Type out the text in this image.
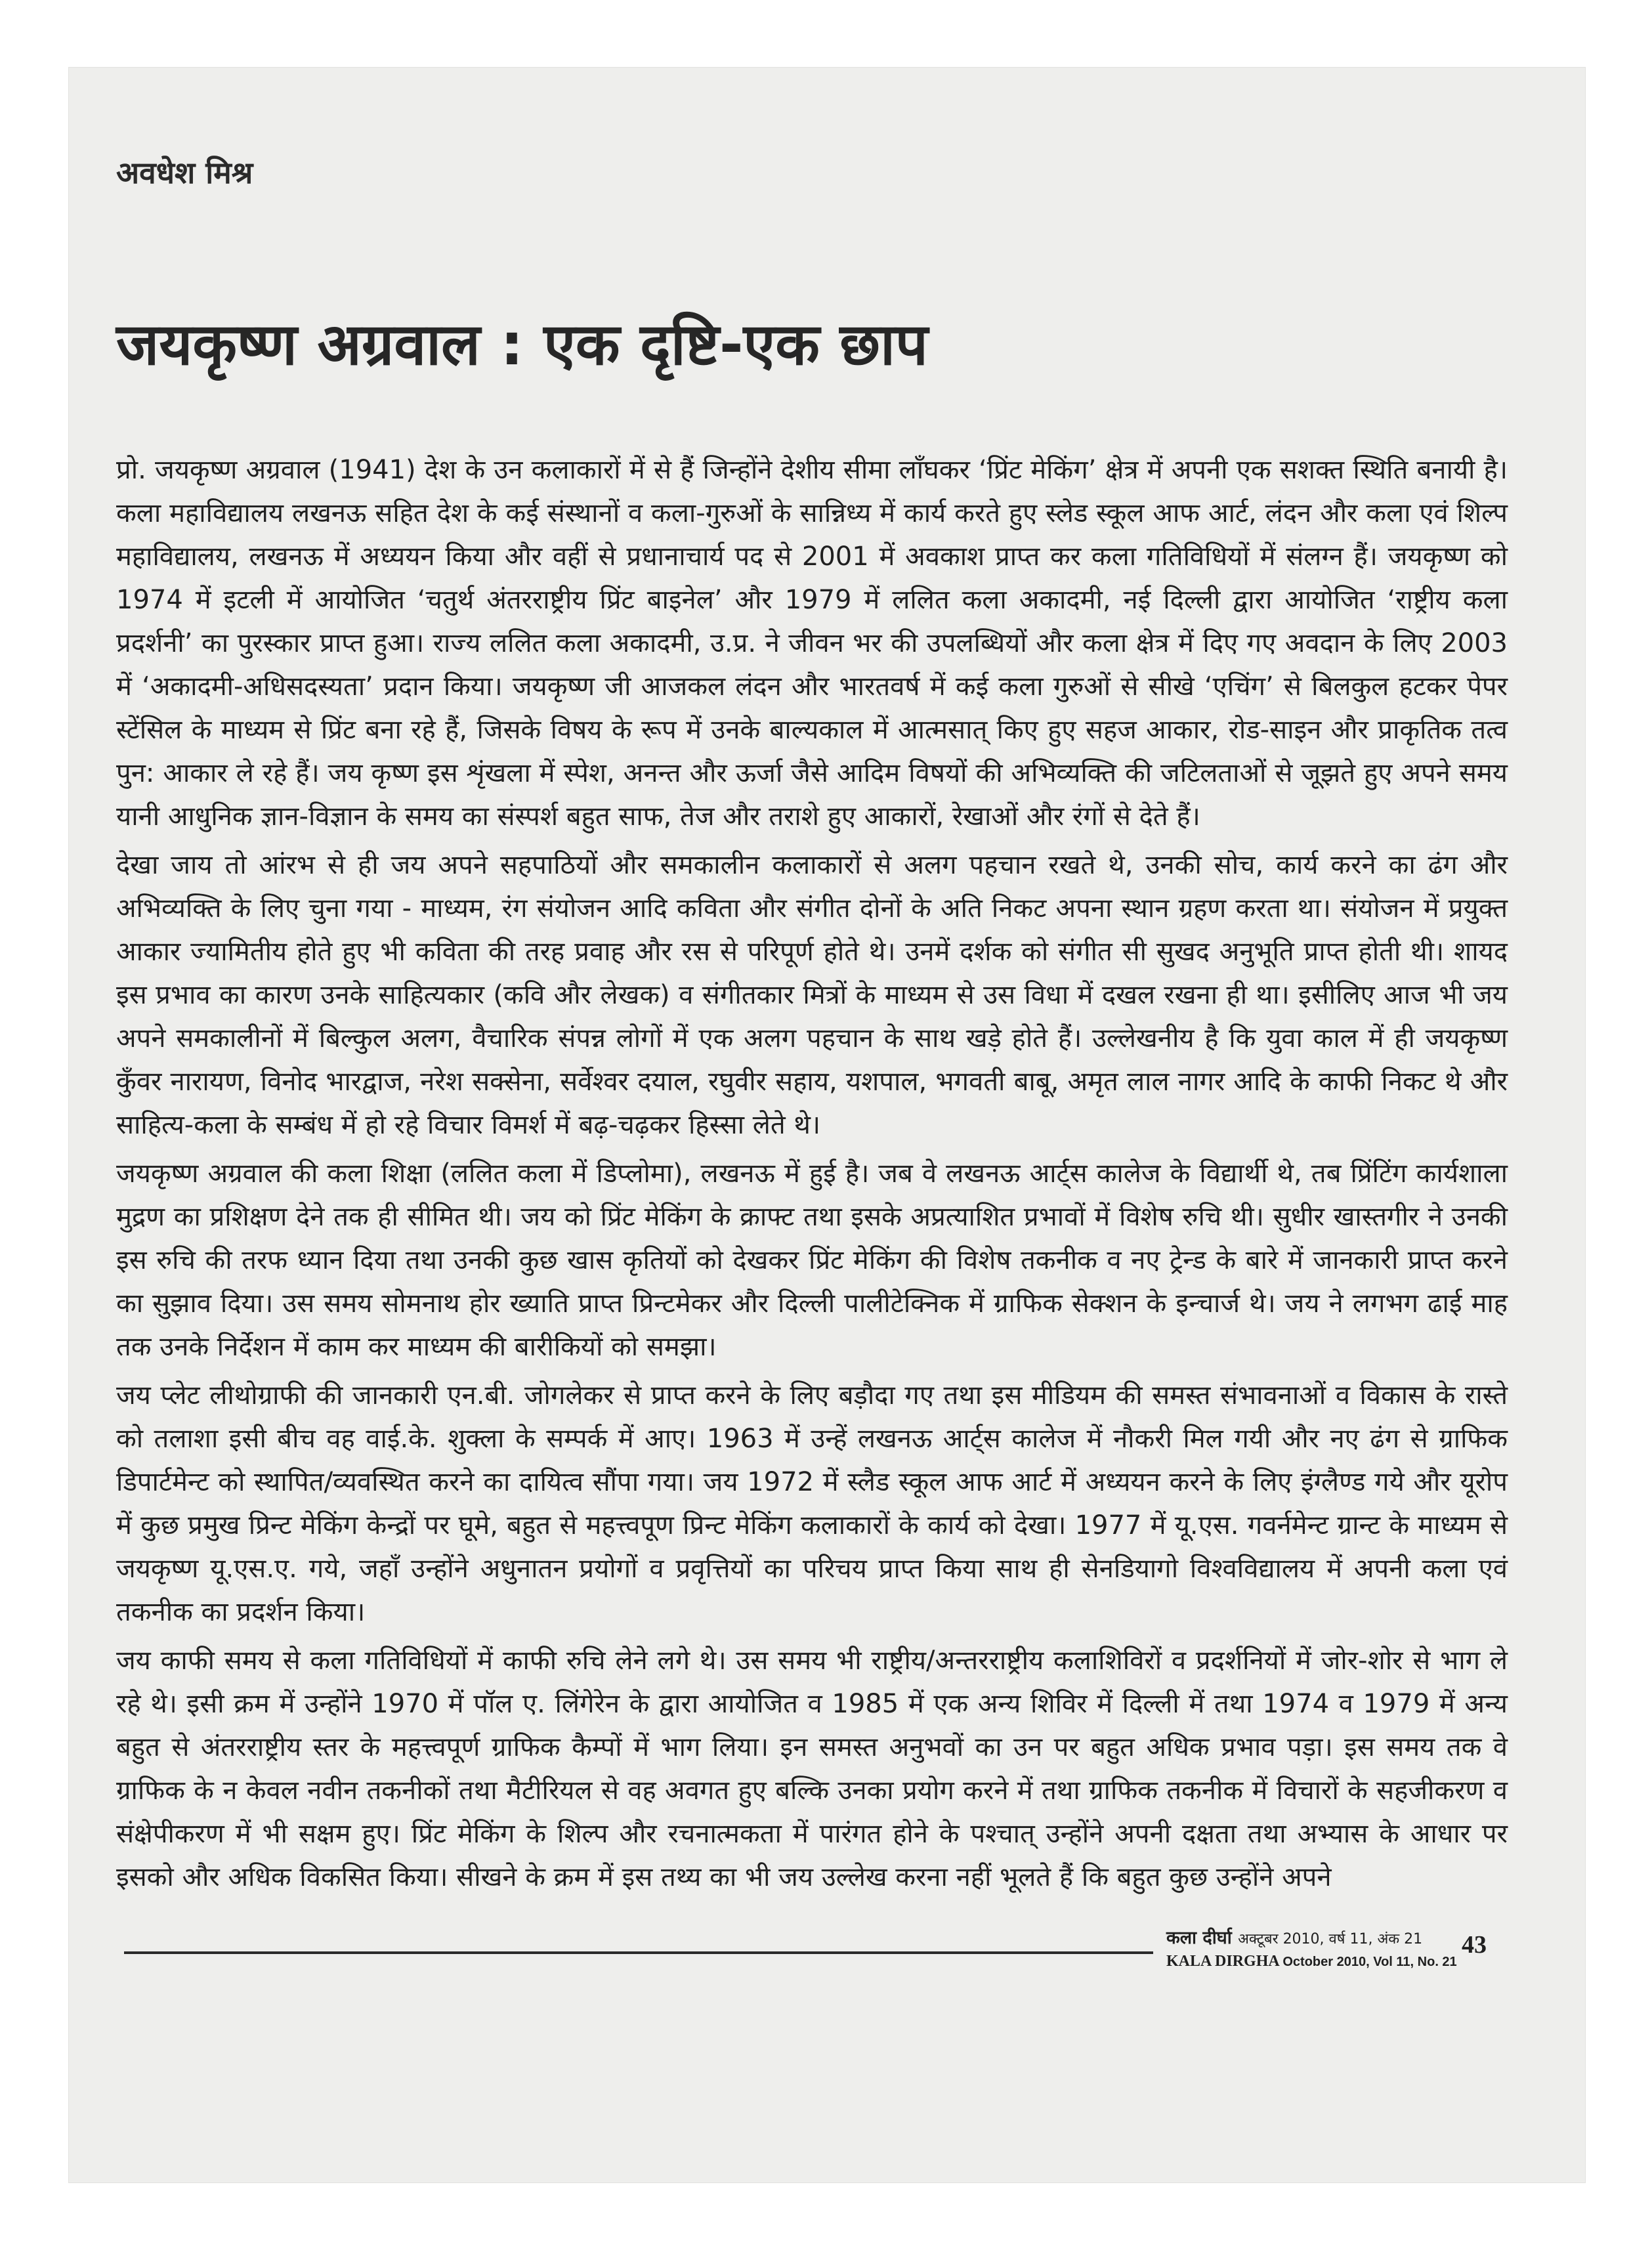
अवधेश मिश्र
जयकृष्ण अग्रवाल : एक दृष्टि-एक छाप

प्रो. जयकृष्ण अग्रवाल (1941) देश के उन कलाकारों में से हैं जिन्होंने देशीय सीमा लाँघकर ‘प्रिंट मेकिंग’ क्षेत्र में अपनी एक सशक्त स्थिति बनायी है। कला महाविद्यालय लखनऊ सहित देश के कई संस्थानों व कला-गुरुओं के सान्निध्य में कार्य करते हुए स्लेड स्कूल आफ आर्ट, लंदन और कला एवं शिल्प महाविद्यालय, लखनऊ में अध्ययन किया और वहीं से प्रधानाचार्य पद से 2001 में अवकाश प्राप्त कर कला गतिविधियों में संलग्न हैं। जयकृष्ण को 1974 में इटली में आयोजित ‘चतुर्थ अंतरराष्ट्रीय प्रिंट बाइनेल’ और 1979 में ललित कला अकादमी, नई दिल्ली द्वारा आयोजित ‘राष्ट्रीय कला प्रदर्शनी’ का पुरस्कार प्राप्त हुआ। राज्य ललित कला अकादमी, उ.प्र. ने जीवन भर की उपलब्धियों और कला क्षेत्र में दिए गए अवदान के लिए 2003 में ‘अकादमी-अधिसदस्यता’ प्रदान किया। जयकृष्ण जी आजकल लंदन और भारतवर्ष में कई कला गुरुओं से सीखे ‘एचिंग’ से बिलकुल हटकर पेपर स्टेंसिल के माध्यम से प्रिंट बना रहे हैं, जिसके विषय के रूप में उनके बाल्यकाल में आत्मसात् किए हुए सहज आकार, रोड-साइन और प्राकृतिक तत्व पुन: आकार ले रहे हैं। जय कृष्ण इस शृंखला में स्पेश, अनन्त और ऊर्जा जैसे आदिम विषयों की अभिव्यक्ति की जटिलताओं से जूझते हुए अपने समय यानी आधुनिक ज्ञान-विज्ञान के समय का संस्पर्श बहुत साफ, तेज और तराशे हुए आकारों, रेखाओं और रंगों से देते हैं।

देखा जाय तो आंरभ से ही जय अपने सहपाठियों और समकालीन कलाकारों से अलग पहचान रखते थे, उनकी सोच, कार्य करने का ढंग और अभिव्यक्ति के लिए चुना गया - माध्यम, रंग संयोजन आदि कविता और संगीत दोनों के अति निकट अपना स्थान ग्रहण करता था। संयोजन में प्रयुक्त आकार ज्यामितीय होते हुए भी कविता की तरह प्रवाह और रस से परिपूर्ण होते थे। उनमें दर्शक को संगीत सी सुखद अनुभूति प्राप्त होती थी। शायद इस प्रभाव का कारण उनके साहित्यकार (कवि और लेखक) व संगीतकार मित्रों के माध्यम से उस विधा में दखल रखना ही था। इसीलिए आज भी जय अपने समकालीनों में बिल्कुल अलग, वैचारिक संपन्न लोगों में एक अलग पहचान के साथ खड़े होते हैं। उल्लेखनीय है कि युवा काल में ही जयकृष्ण कुँवर नारायण, विनोद भारद्वाज, नरेश सक्सेना, सर्वेश्वर दयाल, रघुवीर सहाय, यशपाल, भगवती बाबू, अमृत लाल नागर आदि के काफी निकट थे और साहित्य-कला के सम्बंध में हो रहे विचार विमर्श में बढ़-चढ़कर हिस्सा लेते थे।

जयकृष्ण अग्रवाल की कला शिक्षा (ललित कला में डिप्लोमा), लखनऊ में हुई है। जब वे लखनऊ आर्ट्स कालेज के विद्यार्थी थे, तब प्रिंटिंग कार्यशाला मुद्रण का प्रशिक्षण देने तक ही सीमित थी। जय को प्रिंट मेकिंग के क्राफ्ट तथा इसके अप्रत्याशित प्रभावों में विशेष रुचि थी। सुधीर खास्तगीर ने उनकी इस रुचि की तरफ ध्यान दिया तथा उनकी कुछ खास कृतियों को देखकर प्रिंट मेकिंग की विशेष तकनीक व नए ट्रेन्ड के बारे में जानकारी प्राप्त करने का सुझाव दिया। उस समय सोमनाथ होर ख्याति प्राप्त प्रिन्टमेकर और दिल्ली पालीटेक्निक में ग्राफिक सेक्शन के इन्चार्ज थे। जय ने लगभग ढाई माह तक उनके निर्देशन में काम कर माध्यम की बारीकियों को समझा।

जय प्लेट लीथोग्राफी की जानकारी एन.बी. जोगलेकर से प्राप्त करने के लिए बड़ौदा गए तथा इस मीडियम की समस्त संभावनाओं व विकास के रास्ते को तलाशा इसी बीच वह वाई.के. शुक्ला के सम्पर्क में आए। 1963 में उन्हें लखनऊ आर्ट्स कालेज में नौकरी मिल गयी और नए ढंग से ग्राफिक डिपार्टमेन्ट को स्थापित/व्यवस्थित करने का दायित्व सौंपा गया। जय 1972 में स्लैड स्कूल आफ आर्ट में अध्ययन करने के लिए इंग्लैण्ड गये और यूरोप में कुछ प्रमुख प्रिन्ट मेकिंग केन्द्रों पर घूमे, बहुत से महत्त्वपूण प्रिन्ट मेकिंग कलाकारों के कार्य को देखा। 1977 में यू.एस. गवर्नमेन्ट ग्रान्ट के माध्यम से जयकृष्ण यू.एस.ए. गये, जहाँ उन्होंने अधुनातन प्रयोगों व प्रवृत्तियों का परिचय प्राप्त किया साथ ही सेनडियागो विश्वविद्यालय में अपनी कला एवं तकनीक का प्रदर्शन किया।

जय काफी समय से कला गतिविधियों में काफी रुचि लेने लगे थे। उस समय भी राष्ट्रीय/अन्तरराष्ट्रीय कलाशिविरों व प्रदर्शनियों में जोर-शोर से भाग ले रहे थे। इसी क्रम में उन्होंने 1970 में पॉल ए. लिंगेरेन के द्वारा आयोजित व 1985 में एक अन्य शिविर में दिल्ली में तथा 1974 व 1979 में अन्य बहुत से अंतरराष्ट्रीय स्तर के महत्त्वपूर्ण ग्राफिक कैम्पों में भाग लिया। इन समस्त अनुभवों का उन पर बहुत अधिक प्रभाव पड़ा। इस समय तक वे ग्राफिक के न केवल नवीन तकनीकों तथा मैटीरियल से वह अवगत हुए बल्कि उनका प्रयोग करने में तथा ग्राफिक तकनीक में विचारों के सहजीकरण व संक्षेपीकरण में भी सक्षम हुए। प्रिंट मेकिंग के शिल्प और रचनात्मकता में पारंगत होने के पश्चात् उन्होंने अपनी दक्षता तथा अभ्यास के आधार पर इसको और अधिक विकसित किया। सीखने के क्रम में इस तथ्य का भी जय उल्लेख करना नहीं भूलते हैं कि बहुत कुछ उन्होंने अपने

कला दीर्घा अक्टूबर 2010, वर्ष 11, अंक 21
KALA DIRGHA October 2010, Vol 11, No. 21
43
